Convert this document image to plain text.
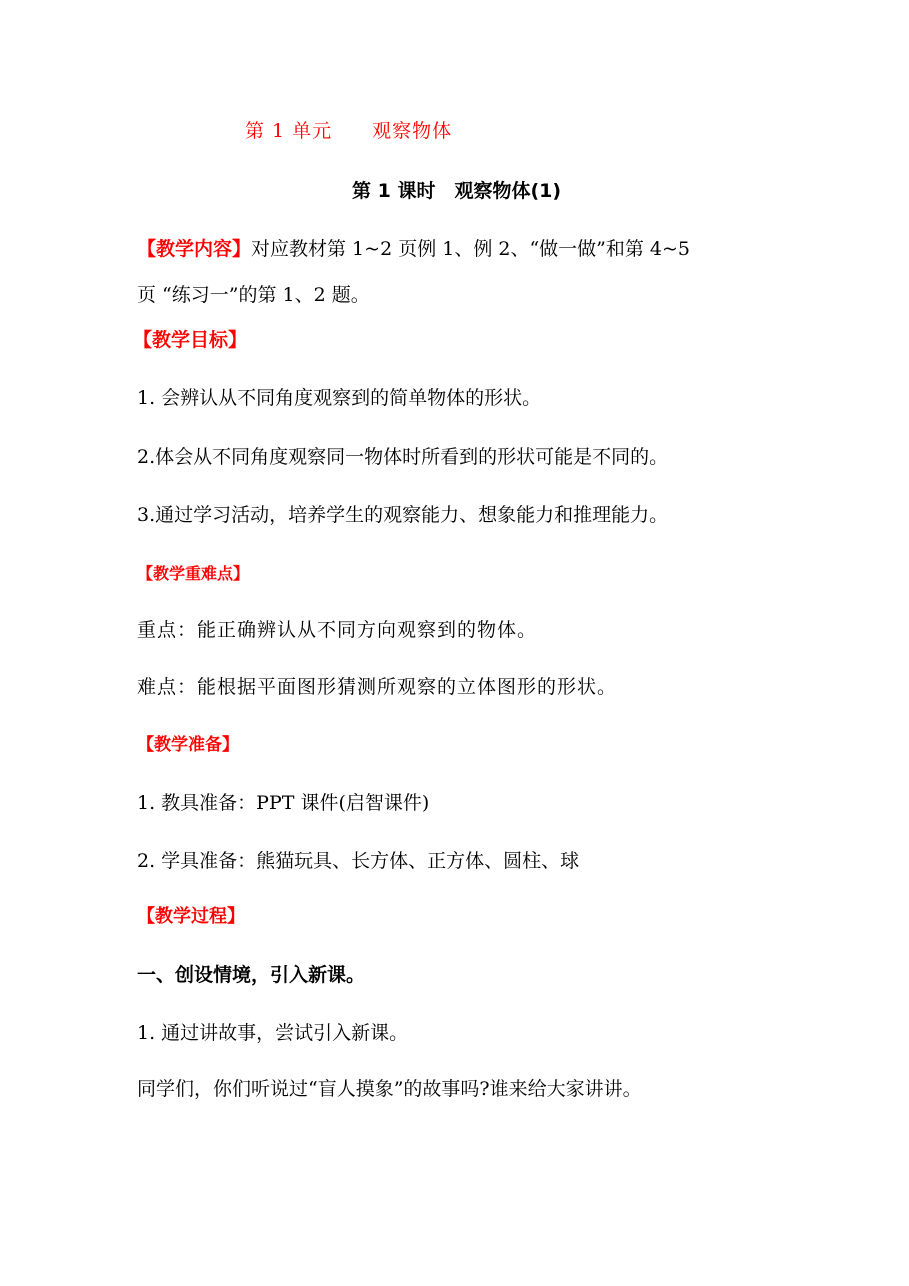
第 1 单元　　观察物体
第 1 课时　观察物体(1)
【教学内容】对应教材第 1~2 页例 1、例 2、“做一做”和第 4~5
页 “练习一”的第 1、2 题。
【教学目标】
1. 会辨认从不同角度观察到的简单物体的形状。
2.体会从不同角度观察同一物体时所看到的形状可能是不同的。
3.通过学习活动，培养学生的观察能力、想象能力和推理能力。
【教学重难点】
重点：能正确辨认从不同方向观察到的物体。
难点：能根据平面图形猜测所观察的立体图形的形状。
【教学准备】
1. 教具准备：PPT 课件(启智课件)
2. 学具准备：熊猫玩具、长方体、正方体、圆柱、球
【教学过程】
一、创设情境，引入新课。
1. 通过讲故事，尝试引入新课。
同学们，你们听说过“盲人摸象”的故事吗?谁来给大家讲讲。
